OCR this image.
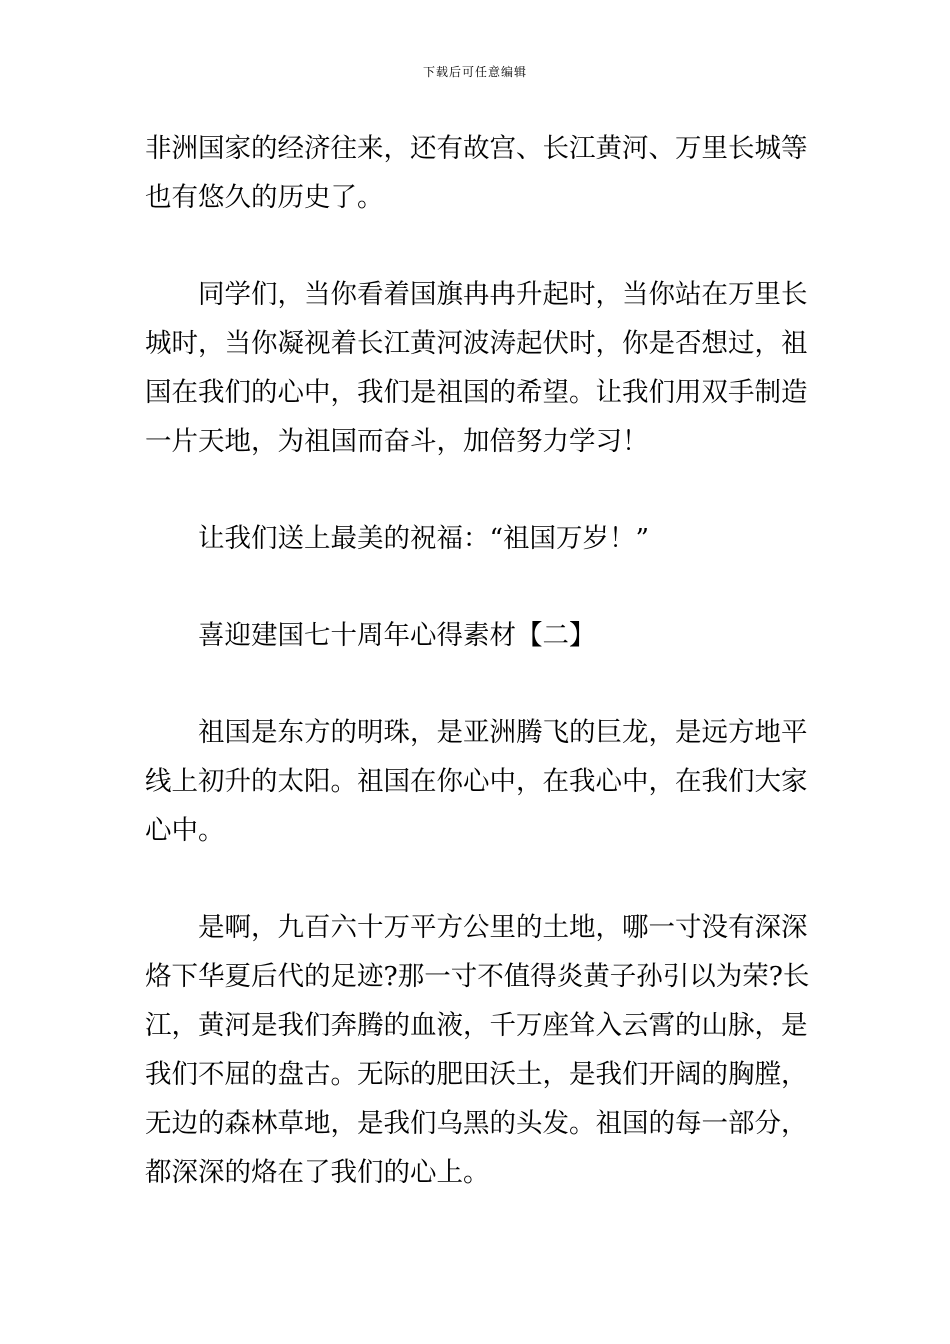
下载后可任意编辑
非洲国家的经济往来，还有故宫、长江黄河、万里长城等
也有悠久的历史了。
同学们，当你看着国旗冉冉升起时，当你站在万里长
城时，当你凝视着长江黄河波涛起伏时，你是否想过，祖
国在我们的心中，我们是祖国的希望。让我们用双手制造
一片天地，为祖国而奋斗，加倍努力学习！
让我们送上最美的祝福：“祖国万岁！”
喜迎建国七十周年心得素材【二】
祖国是东方的明珠，是亚洲腾飞的巨龙，是远方地平
线上初升的太阳。祖国在你心中，在我心中，在我们大家
心中。
是啊，九百六十万平方公里的土地，哪一寸没有深深
烙下华夏后代的足迹?那一寸不值得炎黄子孙引以为荣?长
江，黄河是我们奔腾的血液，千万座耸入云霄的山脉，是
我们不屈的盘古。无际的肥田沃土，是我们开阔的胸膛，
无边的森林草地，是我们乌黑的头发。祖国的每一部分，
都深深的烙在了我们的心上。
